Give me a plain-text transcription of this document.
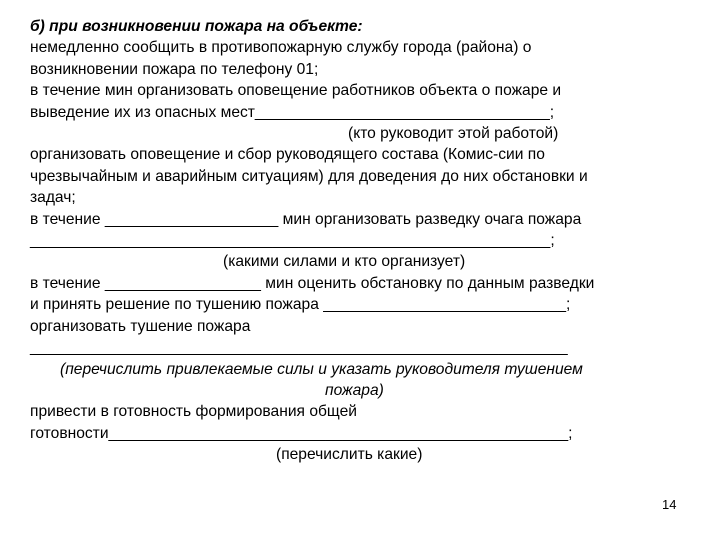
б) при возникновении пожара на объекте:
немедленно сообщить в противопожарную службу города (района) о
возникновении пожара по телефону 01;
в течение мин организовать оповещение работников объекта о пожаре и
выведение их из опасных мест__________________________________;
(кто руководит этой работой)
организовать оповещение и сбор руководящего состава (Комис-сии по
чрезвычайным и аварийным ситуациям) для доведения до них обстановки и
задач;
в течение ____________________ мин организовать разведку очага пожара
____________________________________________________________;
(какими силами и кто организует)
в течение __________________ мин оценить обстановку по данным разведки
и принять решение по тушению пожара ____________________________;
организовать тушение пожара
______________________________________________________________
(перечислить привлекаемые силы и указать руководителя тушением
пожара)
привести в готовность формирования общей
готовности_____________________________________________________;
(перечислить какие)
14
